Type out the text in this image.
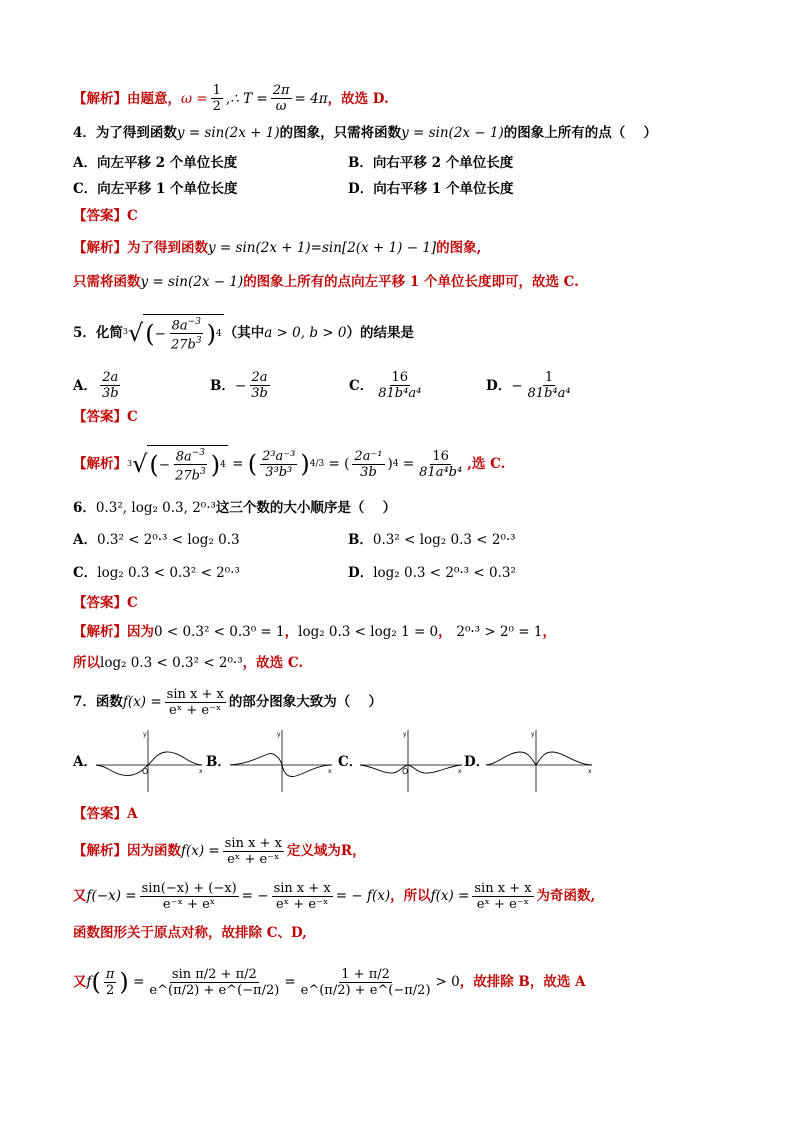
【解析】 由题意， $\omega = \frac{1}{2}$ ,∴ $T = \frac{2\pi}{\omega} = 4\pi$ ，故选 D.
4．为了得到函数 y = sin(2x + 1) 的图象，只需将函数 y = sin(2x − 1) 的图象上所有的点（　 ）
A．向左平移 2 个单位长度	B．向右平移 2 个单位长度
C．向左平移 1 个单位长度	D．向右平移 1 个单位长度
【答案】 C
【解析】 为了得到函数 y = sin(2x + 1)=sin[2(x + 1) − 1] 的图象,
只需将函数 y = sin(2x − 1) 的图象上所有的点向左平移 1 个单位长度即可，故选 C.
5．化简 3 √ ( − $\frac{8a^{-3}}{27b^3}$ ) 4 （其中 a > 0, b > 0 ）的结果是
A． $\frac{2a}{3b}$	B． − $\frac{2a}{3b}$	C． $\frac{16}{\text{81b⁴a⁴}}$	D． − $\frac{1}{\text{81b⁴a⁴}}$
【答案】 C
【解析】 3 √ ( − $\frac{8a^{-3}}{27b^3}$ ) 4 = ( $\frac{\text{2³a⁻³}}{\text{3³b³}}$ ) 4/3 = ( $\frac{\text{2a⁻¹}}{3b}$ ) $4 = \frac{16}{\text{81a⁴b⁴}}$ ,选 C.
6． 0.3², log₂ 0.3, 2⁰·³ 这三个数的大小顺序是（　 ）
A． 0.3² < 2⁰·³ < log₂ 0.3	B． 0.3² < log₂ 0.3 < 2⁰·³
C． log₂ 0.3 < 0.3² < 2⁰·³	D． log₂ 0.3 < 2⁰·³ < 0.3²
【答案】 C
【解析】 因为 0 < 0.3² < 0.3⁰ = 1 ， log₂ 0.3 < log₂ 1 = 0 ， 2⁰·³ > 2⁰ = 1 ，
所以 log₂ 0.3 < 0.3² < 2⁰·³ ，故选 C.
7．函数 $f(x) = \frac{\text{sin x + x}}{\text{eˣ + e⁻ˣ}}$ 的部分图象大致为（　 ）
A．
O	x
y
B．
x
y
C．
O	x
y
D．
x
y
【答案】 A
【解析】 因为函数 $f(x) = \frac{\text{sin x + x}}{\text{eˣ + e⁻ˣ}}$ 定义域为R，
又 $f(-x) = \frac{\sin(-x) + (-x)}{\text{e⁻ˣ + eˣ}}$ = − $\frac{\text{sin x + x}}{\text{eˣ + e⁻ˣ}}$ = − f(x) ，所以 $f(x) = \frac{\text{sin x + x}}{\text{eˣ + e⁻ˣ}}$ 为奇函数,
函数图形关于原点对称，故排除 C、D,
又 f ( $\frac{\pi}{2}$ ) = $\frac{\text{sin π/2 + π/2}}{e\^{}(\pi/2) + e\^{}(-\pi/2)} = \frac{1 + \pi/2}{e\^{}(\pi/2) + e\^{}(-\pi/2)} > 0$ ，故排除 B，故选 A
